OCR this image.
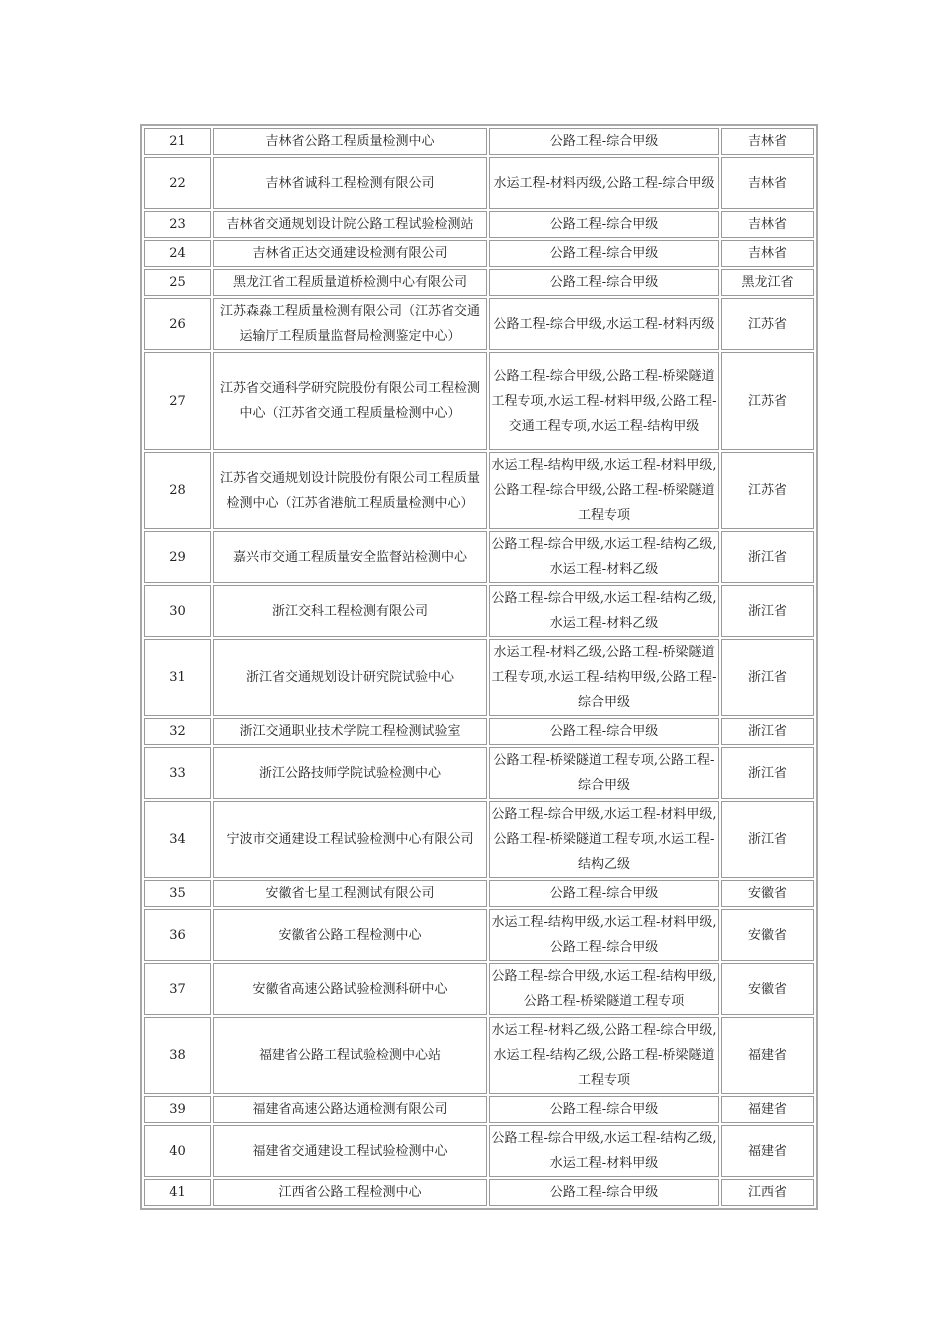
21	吉林省公路工程质量检测中心	公路工程-综合甲级	吉林省
22	吉林省诚科工程检测有限公司	水运工程-材料丙级,公路工程-综合甲级	吉林省
23	吉林省交通规划设计院公路工程试验检测站	公路工程-综合甲级	吉林省
24	吉林省正达交通建设检测有限公司	公路工程-综合甲级	吉林省
25	黑龙江省工程质量道桥检测中心有限公司	公路工程-综合甲级	黑龙江省
26	江苏森淼工程质量检测有限公司（江苏省交通运输厅工程质量监督局检测鉴定中心）	公路工程-综合甲级,水运工程-材料丙级	江苏省
27	江苏省交通科学研究院股份有限公司工程检测中心（江苏省交通工程质量检测中心）	公路工程-综合甲级,公路工程-桥梁隧道工程专项,水运工程-材料甲级,公路工程-交通工程专项,水运工程-结构甲级	江苏省
28	江苏省交通规划设计院股份有限公司工程质量检测中心（江苏省港航工程质量检测中心）	水运工程-结构甲级,水运工程-材料甲级,公路工程-综合甲级,公路工程-桥梁隧道工程专项	江苏省
29	嘉兴市交通工程质量安全监督站检测中心	公路工程-综合甲级,水运工程-结构乙级,水运工程-材料乙级	浙江省
30	浙江交科工程检测有限公司	公路工程-综合甲级,水运工程-结构乙级,水运工程-材料乙级	浙江省
31	浙江省交通规划设计研究院试验中心	水运工程-材料乙级,公路工程-桥梁隧道工程专项,水运工程-结构甲级,公路工程-综合甲级	浙江省
32	浙江交通职业技术学院工程检测试验室	公路工程-综合甲级	浙江省
33	浙江公路技师学院试验检测中心	公路工程-桥梁隧道工程专项,公路工程-综合甲级	浙江省
34	宁波市交通建设工程试验检测中心有限公司	公路工程-综合甲级,水运工程-材料甲级,公路工程-桥梁隧道工程专项,水运工程-结构乙级	浙江省
35	安徽省七星工程测试有限公司	公路工程-综合甲级	安徽省
36	安徽省公路工程检测中心	水运工程-结构甲级,水运工程-材料甲级,公路工程-综合甲级	安徽省
37	安徽省高速公路试验检测科研中心	公路工程-综合甲级,水运工程-结构甲级,公路工程-桥梁隧道工程专项	安徽省
38	福建省公路工程试验检测中心站	水运工程-材料乙级,公路工程-综合甲级,水运工程-结构乙级,公路工程-桥梁隧道工程专项	福建省
39	福建省高速公路达通检测有限公司	公路工程-综合甲级	福建省
40	福建省交通建设工程试验检测中心	公路工程-综合甲级,水运工程-结构乙级,水运工程-材料甲级	福建省
41	江西省公路工程检测中心	公路工程-综合甲级	江西省
